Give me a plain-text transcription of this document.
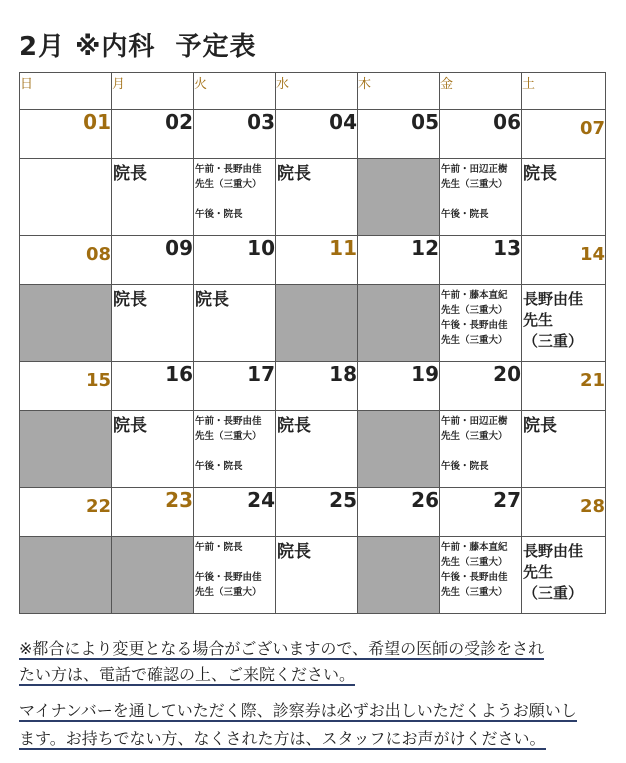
2月 ※内科  予定表
日	月	火	水	木	金	土
01	02	03	04	05	06	07

	院長	午前・長野由佳
先生（三重大）

午後・院長	院長		午前・田辺正樹
先生（三重大）

午後・院長	院長

08	09	10	11	12	13	14

	院長	院長			午前・藤本直紀
先生（三重大）
午後・長野由佳
先生（三重大）	長野由佳
先生
（三重）

15	16	17	18	19	20	21

	院長	午前・長野由佳
先生（三重大）

午後・院長	院長		午前・田辺正樹
先生（三重大）

午後・院長	院長

22	23	24	25	26	27	28

		午前・院長

午後・長野由佳
先生（三重大）	院長		午前・藤本直紀
先生（三重大）
午後・長野由佳
先生（三重大）	長野由佳
先生
（三重）
※都合により変更となる場合がございますので、希望の医師の受診をされ
たい方は、電話で確認の上、ご来院ください。
マイナンバーを通していただく際、診察券は必ずお出しいただくようお願いし
ます。お持ちでない方、なくされた方は、スタッフにお声がけください。
